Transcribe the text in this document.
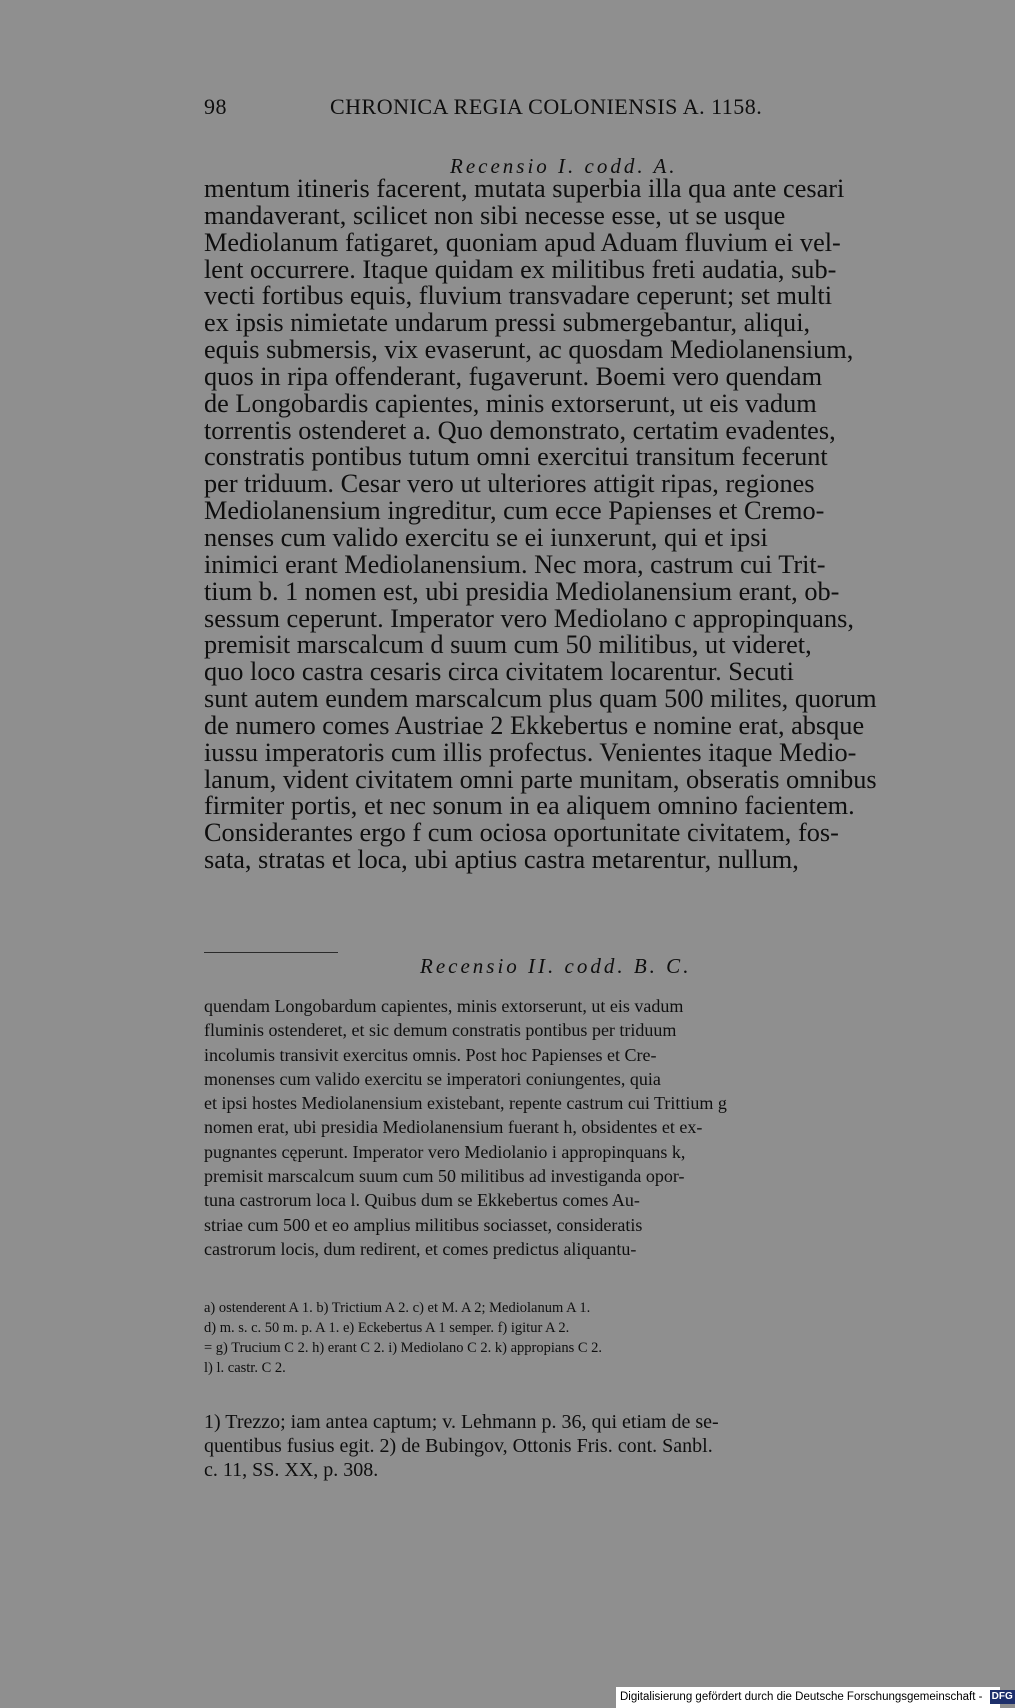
98	CHRONICA REGIA COLONIENSIS A. 1158.
Recensio I. codd. A.
mentum itineris facerent, mutata superbia illa qua ante cesari
mandaverant, scilicet non sibi necesse esse, ut se usque
Mediolanum fatigaret, quoniam apud Aduam fluvium ei vel-
lent occurrere. Itaque quidam ex militibus freti audatia, sub-
vecti fortibus equis, fluvium transvadare ceperunt; set multi
ex ipsis nimietate undarum pressi submergebantur, aliqui,
equis submersis, vix evaserunt, ac quosdam Mediolanensium,
quos in ripa offenderant, fugaverunt. Boemi vero quendam
de Longobardis capientes, minis extorserunt, ut eis vadum
torrentis ostenderet a. Quo demonstrato, certatim evadentes,
constratis pontibus tutum omni exercitui transitum fecerunt
per triduum. Cesar vero ut ulteriores attigit ripas, regiones
Mediolanensium ingreditur, cum ecce Papienses et Cremo-
nenses cum valido exercitu se ei iunxerunt, qui et ipsi
inimici erant Mediolanensium. Nec mora, castrum cui Trit-
tium b. 1 nomen est, ubi presidia Mediolanensium erant, ob-
sessum ceperunt. Imperator vero Mediolano c appropinquans,
premisit marscalcum d suum cum 50 militibus, ut videret,
quo loco castra cesaris circa civitatem locarentur. Secuti
sunt autem eundem marscalcum plus quam 500 milites, quorum
de numero comes Austriae 2 Ekkebertus e nomine erat, absque
iussu imperatoris cum illis profectus. Venientes itaque Medio-
lanum, vident civitatem omni parte munitam, obseratis omnibus
firmiter portis, et nec sonum in ea aliquem omnino facientem.
Considerantes ergo f cum ociosa oportunitate civitatem, fos-
sata, stratas et loca, ubi aptius castra metarentur, nullum,
Recensio II. codd. B. C.
quendam Longobardum capientes, minis extorserunt, ut eis vadum
fluminis ostenderet, et sic demum constratis pontibus per triduum
incolumis transivit exercitus omnis. Post hoc Papienses et Cre-
monenses cum valido exercitu se imperatori coniungentes, quia
et ipsi hostes Mediolanensium existebant, repente castrum cui Trittium g
nomen erat, ubi presidia Mediolanensium fuerant h, obsidentes et ex-
pugnantes cęperunt. Imperator vero Mediolanio i appropinquans k,
premisit marscalcum suum cum 50 militibus ad investiganda opor-
tuna castrorum loca l. Quibus dum se Ekkebertus comes Au-
striae cum 500 et eo amplius militibus sociasset, consideratis
castrorum locis, dum redirent, et comes predictus aliquantu-
a) ostenderent A 1. b) Trictium A 2. c) et M. A 2; Mediolanum A 1.
d) m. s. c. 50 m. p. A 1. e) Eckebertus A 1 semper. f) igitur A 2.
= g) Trucium C 2. h) erant C 2. i) Mediolano C 2. k) appropians C 2.
l) l. castr. C 2.
1) Trezzo; iam antea captum; v. Lehmann p. 36, qui etiam de se-
quentibus fusius egit. 2) de Bubingov, Ottonis Fris. cont. Sanbl.
c. 11, SS. XX, p. 308.
Digitalisierung gefördert durch die Deutsche Forschungsgemeinschaft - DFG
